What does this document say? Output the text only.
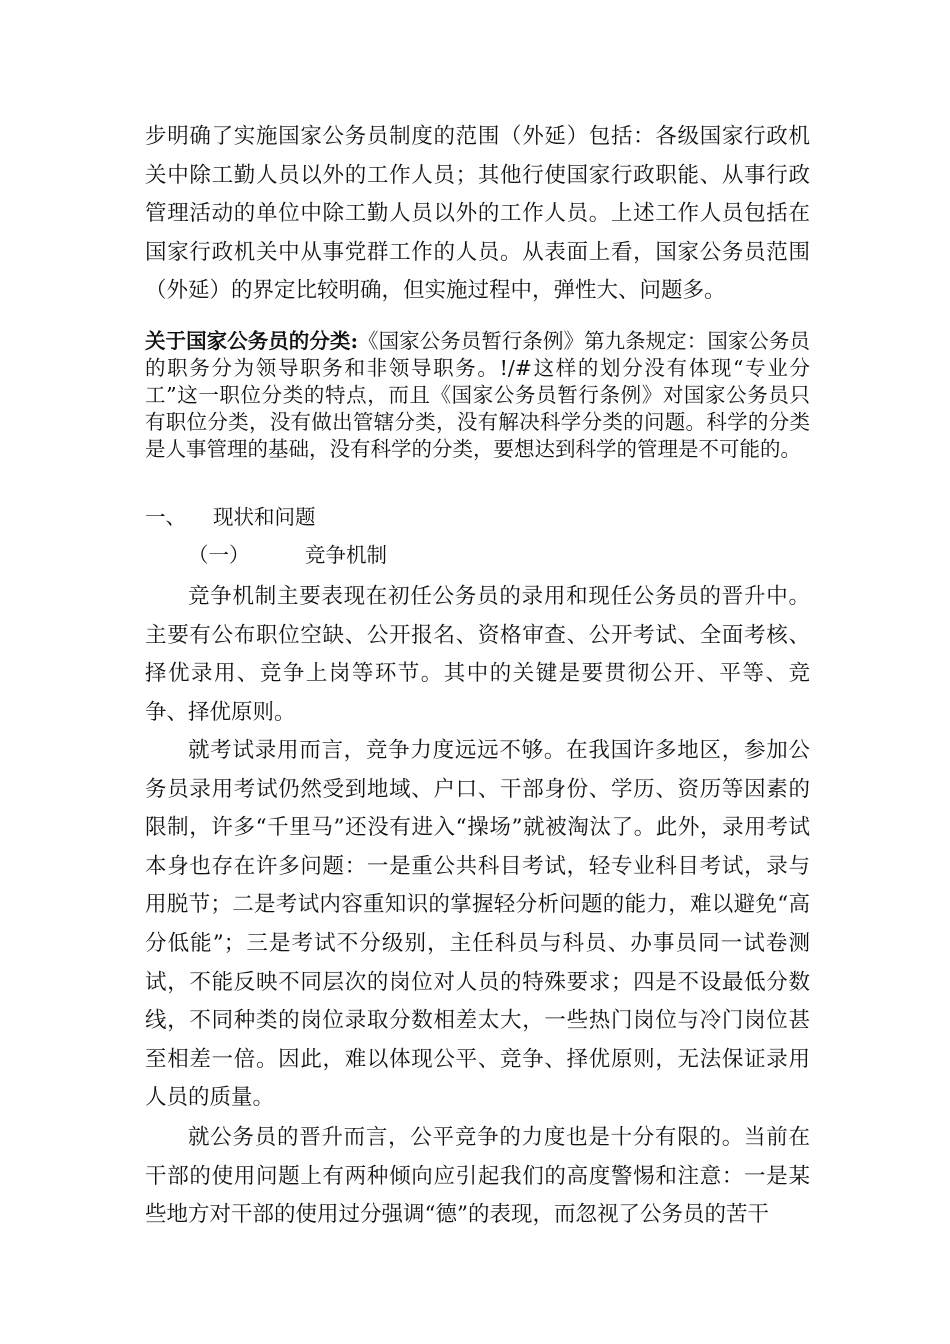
步明确了实施国家公务员制度的范围（外延）包括：各级国家行政机关中除工勤人员以外的工作人员；其他行使国家行政职能、从事行政管理活动的单位中除工勤人员以外的工作人员。上述工作人员包括在国家行政机关中从事党群工作的人员。从表面上看，国家公务员范围（外延）的界定比较明确，但实施过程中，弹性大、问题多。

关于国家公务员的分类:《国家公务员暂行条例》第九条规定：国家公务员的职务分为领导职务和非领导职务。!/#这样的划分没有体现“专业分工”这一职位分类的特点，而且《国家公务员暂行条例》对国家公务员只有职位分类，没有做出管辖分类，没有解决科学分类的问题。科学的分类是人事管理的基础，没有科学的分类，要想达到科学的管理是不可能的。

一、 现状和问题

（一）	竞争机制

竞争机制主要表现在初任公务员的录用和现任公务员的晋升中。主要有公布职位空缺、公开报名、资格审查、公开考试、全面考核、择优录用、竞争上岗等环节。其中的关键是要贯彻公开、平等、竞争、择优原则。

就考试录用而言，竞争力度远远不够。在我国许多地区，参加公务员录用考试仍然受到地域、户口、干部身份、学历、资历等因素的限制，许多“千里马”还没有进入“操场”就被淘汰了。此外，录用考试本身也存在许多问题：一是重公共科目考试，轻专业科目考试，录与用脱节；二是考试内容重知识的掌握轻分析问题的能力，难以避免“高分低能”；三是考试不分级别，主任科员与科员、办事员同一试卷测试，不能反映不同层次的岗位对人员的特殊要求；四是不设最低分数线，不同种类的岗位录取分数相差太大，一些热门岗位与冷门岗位甚至相差一倍。因此，难以体现公平、竞争、择优原则，无法保证录用人员的质量。

就公务员的晋升而言，公平竞争的力度也是十分有限的。当前在干部的使用问题上有两种倾向应引起我们的高度警惕和注意：一是某些地方对干部的使用过分强调“德”的表现，而忽视了公务员的苦干
